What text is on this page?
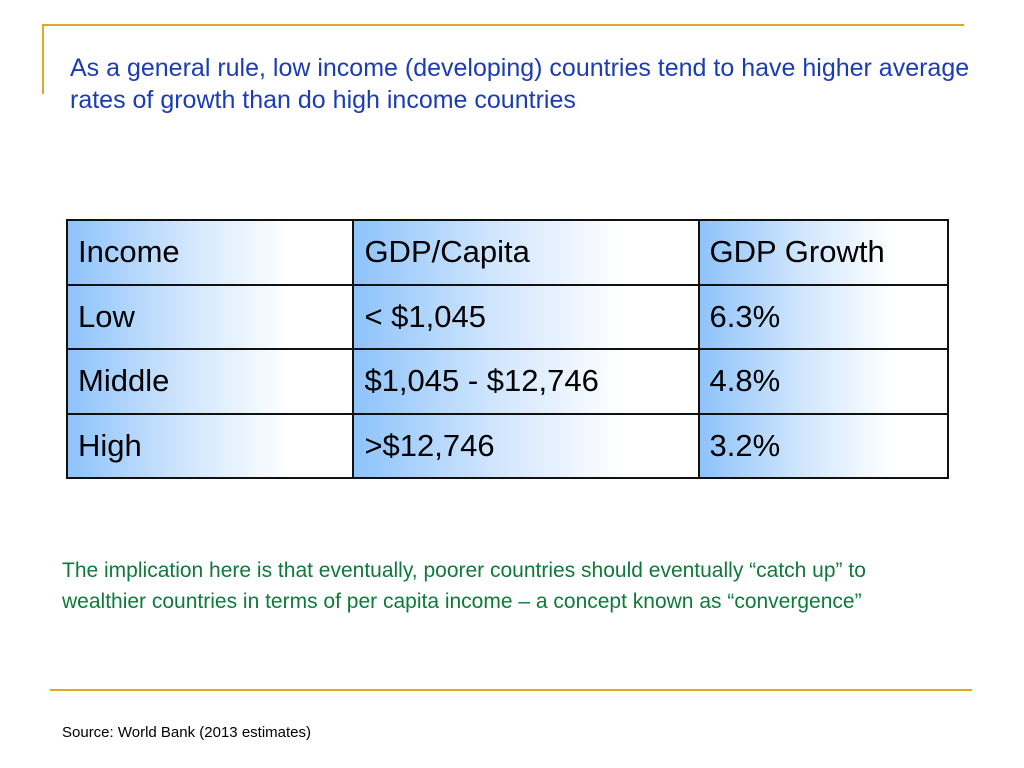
As a general rule, low income (developing) countries tend to have higher average rates of growth than do high income countries
Income	GDP/Capita	GDP Growth
Low	< $1,045	6.3%
Middle	$1,045 - $12,746	4.8%
High	>$12,746	3.2%

The implication here is that eventually, poorer countries should eventually “catch up” to wealthier countries in terms of per capita income – a concept known as “convergence”

Source: World Bank (2013 estimates)
